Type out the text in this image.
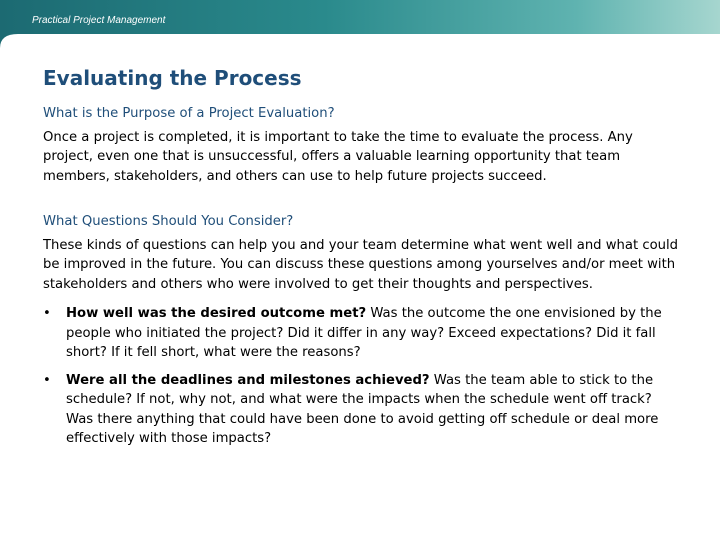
Practical Project Management
Evaluating the Process
What is the Purpose of a Project Evaluation?

Once a project is completed, it is important to take the time to evaluate the process. Any project, even one that is unsuccessful, offers a valuable learning opportunity that team members, stakeholders, and others can use to help future projects succeed.

What Questions Should You Consider?

These kinds of questions can help you and your team determine what went well and what could be improved in the future. You can discuss these questions among yourselves and/or meet with stakeholders and others who were involved to get their thoughts and perspectives.

• How well was the desired outcome met? Was the outcome the one envisioned by the people who initiated the project? Did it differ in any way? Exceed expectations? Did it fall short? If it fell short, what were the reasons?
• Were all the deadlines and milestones achieved? Was the team able to stick to the schedule? If not, why not, and what were the impacts when the schedule went off track? Was there anything that could have been done to avoid getting off schedule or deal more effectively with those impacts?
